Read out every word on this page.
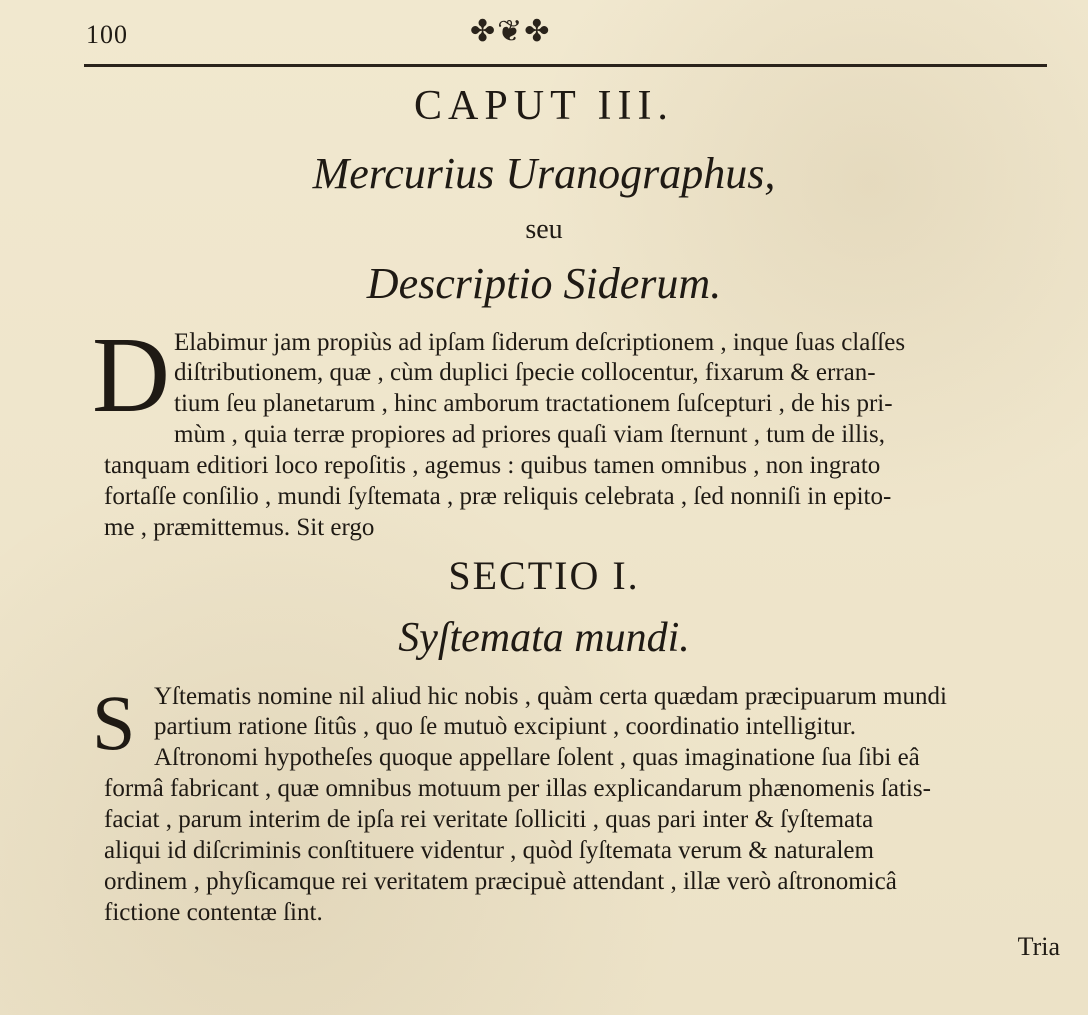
100	✤❦✤
CAPUT III.
Mercurius Uranographus,
seu
Descriptio Siderum.
D Elabimur jam propiùs ad ipſam ſiderum deſcriptionem , inque ſuas claſſes
diſtributionem, quæ , cùm duplici ſpecie collocentur, fixarum & erran-
tium ſeu planetarum , hinc amborum tractationem ſuſcepturi , de his pri-
mùm , quia terræ propiores ad priores quaſi viam ſternunt , tum de illis,
tanquam editiori loco repoſitis , agemus : quibus tamen omnibus , non ingrato
fortaſſe conſilio , mundi ſyſtemata , præ reliquis celebrata , ſed nonniſi in epito-
me , præmittemus. Sit ergo
SECTIO I.
Syſtemata mundi.
S Yſtematis nomine nil aliud hic nobis , quàm certa quædam præcipuarum mundi
partium ratione ſitûs , quo ſe mutuò excipiunt , coordinatio intelligitur.
Aſtronomi hypotheſes quoque appellare ſolent , quas imaginatione ſua ſibi eâ
formâ fabricant , quæ omnibus motuum per illas explicandarum phænomenis ſatis-
faciat , parum interim de ipſa rei veritate ſolliciti , quas pari inter & ſyſtemata
aliqui id diſcriminis conſtituere videntur , quòd ſyſtemata verum & naturalem
ordinem , phyſicamque rei veritatem præcipuè attendant , illæ verò aſtronomicâ
fictione contentæ ſint.
Tria
